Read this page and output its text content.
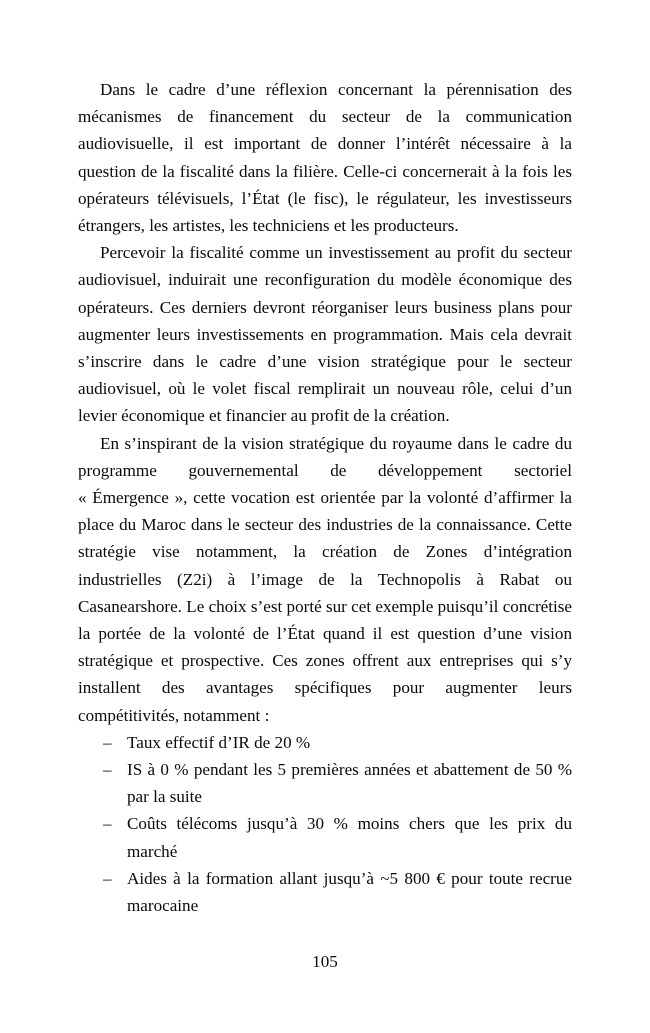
Dans le cadre d’une réflexion concernant la pérennisation des mécanismes de financement du secteur de la communication audiovisuelle, il est important de donner l’intérêt nécessaire à la question de la fiscalité dans la filière. Celle-ci concernerait à la fois les opérateurs télévisuels, l’État (le fisc), le régulateur, les investisseurs étrangers, les artistes, les techniciens et les producteurs.

Percevoir la fiscalité comme un investissement au profit du secteur audiovisuel, induirait une reconfiguration du modèle économique des opérateurs. Ces derniers devront réorganiser leurs business plans pour augmenter leurs investissements en programmation. Mais cela devrait s’inscrire dans le cadre d’une vision stratégique pour le secteur audiovisuel, où le volet fiscal remplirait un nouveau rôle, celui d’un levier économique et financier au profit de la création.

En s’inspirant de la vision stratégique du royaume dans le cadre du programme gouvernemental de développement sectoriel « Émergence », cette vocation est orientée par la volonté d’affirmer la place du Maroc dans le secteur des industries de la connaissance. Cette stratégie vise notamment, la création de Zones d’intégration industrielles (Z2i) à l’image de la Technopolis à Rabat ou Casanearshore. Le choix s’est porté sur cet exemple puisqu’il concrétise la portée de la volonté de l’État quand il est question d’une vision stratégique et prospective. Ces zones offrent aux entreprises qui s’y installent des avantages spécifiques pour augmenter leurs compétitivités, notamment :

– Taux effectif d’IR de 20 %
– IS à 0 % pendant les 5 premières années et abattement de 50 % par la suite
– Coûts télécoms jusqu’à 30 % moins chers que les prix du marché
– Aides à la formation allant jusqu’à ~5 800 € pour toute recrue marocaine
105
